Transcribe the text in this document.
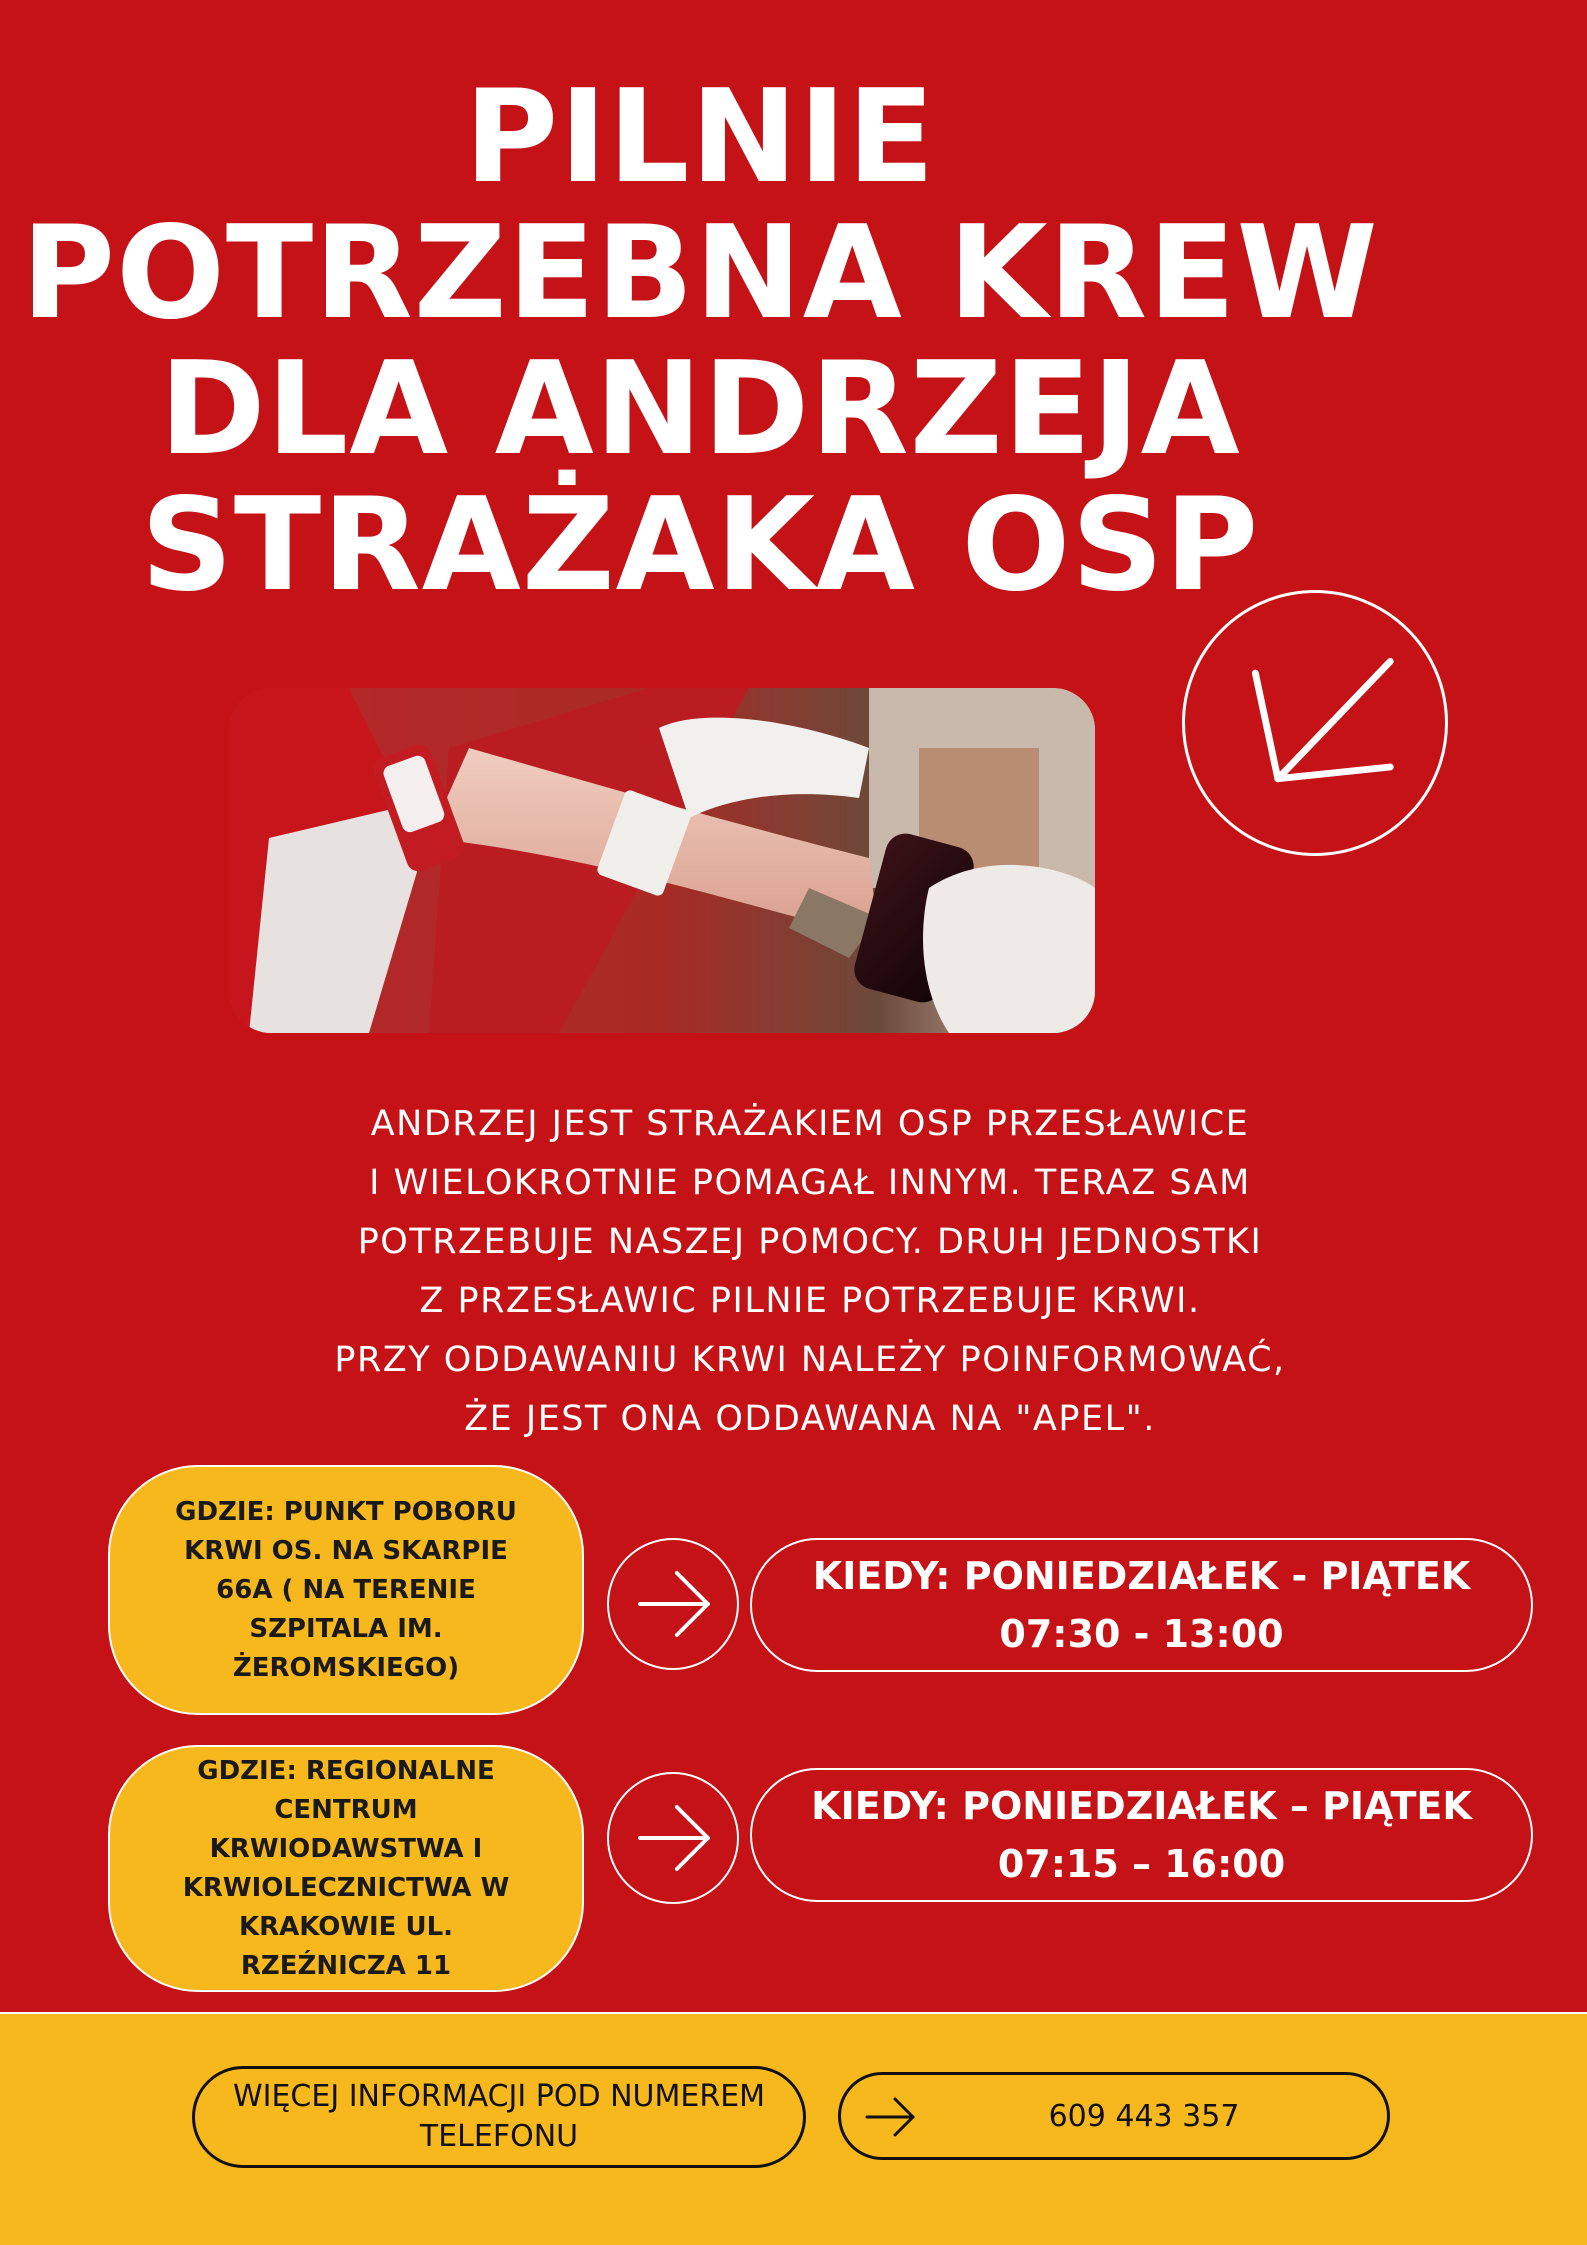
PILNIE
POTRZEBNA KREW
DLA ANDRZEJA
STRAŻAKA OSP
ANDRZEJ JEST STRAŻAKIEM OSP PRZESŁAWICE
I WIELOKROTNIE POMAGAŁ INNYM. TERAZ SAM
POTRZEBUJE NASZEJ POMOCY. DRUH JEDNOSTKI
Z PRZESŁAWIC PILNIE POTRZEBUJE KRWI.
PRZY ODDAWANIU KRWI NALEŻY POINFORMOWAĆ,
ŻE JEST ONA ODDAWANA NA "APEL".
GDZIE: PUNKT POBORU KRWI OS. NA SKARPIE 66A ( NA TERENIE SZPITALA IM. ŻEROMSKIEGO)
KIEDY: PONIEDZIAŁEK - PIĄTEK
07:30 - 13:00
GDZIE: REGIONALNE CENTRUM KRWIODAWSTWA I KRWIOLECZNICTWA W KRAKOWIE UL. RZEŹNICZA 11
KIEDY: PONIEDZIAŁEK – PIĄTEK
07:15 – 16:00
WIĘCEJ INFORMACJI POD NUMEREM TELEFONU
609 443 357
